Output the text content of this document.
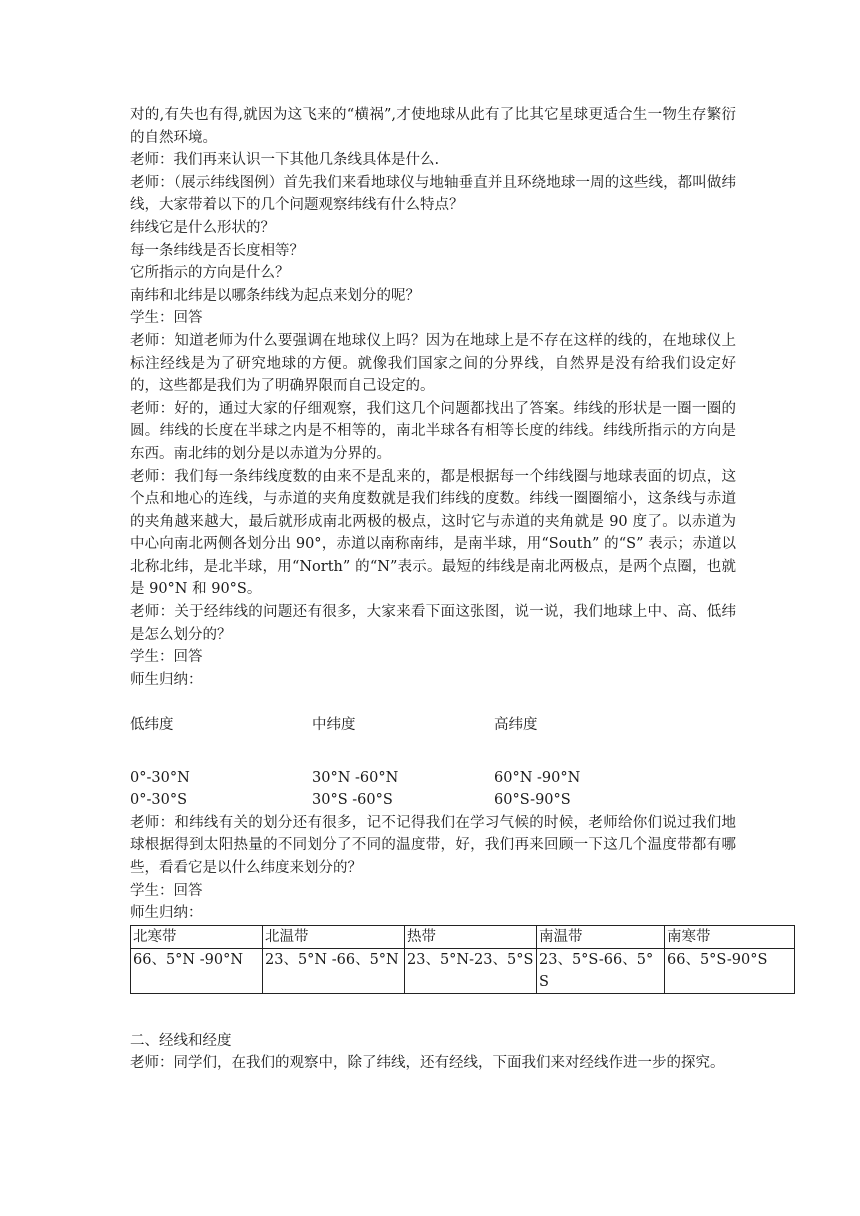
对的,有失也有得,就因为这飞来的“横祸”,才使地球从此有了比其它星球更适合生一物生存繁衍的自然环境。

老师：我们再来认识一下其他几条线具体是什么.

老师：（展示纬线图例）首先我们来看地球仪与地轴垂直并且环绕地球一周的这些线，都叫做纬线，大家带着以下的几个问题观察纬线有什么特点？

纬线它是什么形状的？

每一条纬线是否长度相等？

它所指示的方向是什么？

南纬和北纬是以哪条纬线为起点来划分的呢？

学生：回答

老师：知道老师为什么要强调在地球仪上吗？因为在地球上是不存在这样的线的，在地球仪上标注经线是为了研究地球的方便。就像我们国家之间的分界线，自然界是没有给我们设定好的，这些都是我们为了明确界限而自己设定的。

老师：好的，通过大家的仔细观察，我们这几个问题都找出了答案。纬线的形状是一圈一圈的圆。纬线的长度在半球之内是不相等的，南北半球各有相等长度的纬线。纬线所指示的方向是东西。南北纬的划分是以赤道为分界的。

老师：我们每一条纬线度数的由来不是乱来的，都是根据每一个纬线圈与地球表面的切点，这个点和地心的连线，与赤道的夹角度数就是我们纬线的度数。纬线一圈圈缩小，这条线与赤道的夹角越来越大，最后就形成南北两极的极点，这时它与赤道的夹角就是 90 度了。以赤道为中心向南北两侧各划分出 90°，赤道以南称南纬，是南半球，用“South” 的“S” 表示；赤道以北称北纬，是北半球，用“North” 的“N”表示。最短的纬线是南北两极点，是两个点圈，也就是 90°N 和 90°S。

老师：关于经纬线的问题还有很多，大家来看下面这张图，说一说，我们地球上中、高、低纬是怎么划分的？

学生：回答

师生归纳：

低纬度	中纬度	高纬度
0°-30°N	30°N -60°N	60°N -90°N
0°-30°S	30°S -60°S	60°S-90°S

老师：和纬线有关的划分还有很多，记不记得我们在学习气候的时候，老师给你们说过我们地球根据得到太阳热量的不同划分了不同的温度带，好，我们再来回顾一下这几个温度带都有哪些，看看它是以什么纬度来划分的？

学生：回答

师生归纳：

北寒带	北温带	热带	南温带	南寒带
66、5°N -90°N	23、5°N -66、5°N	23、5°N-23、5°S	23、5°S-66、5°S	66、5°S-90°S

二、经线和经度

老师：同学们，在我们的观察中，除了纬线，还有经线，下面我们来对经线作进一步的探究。
